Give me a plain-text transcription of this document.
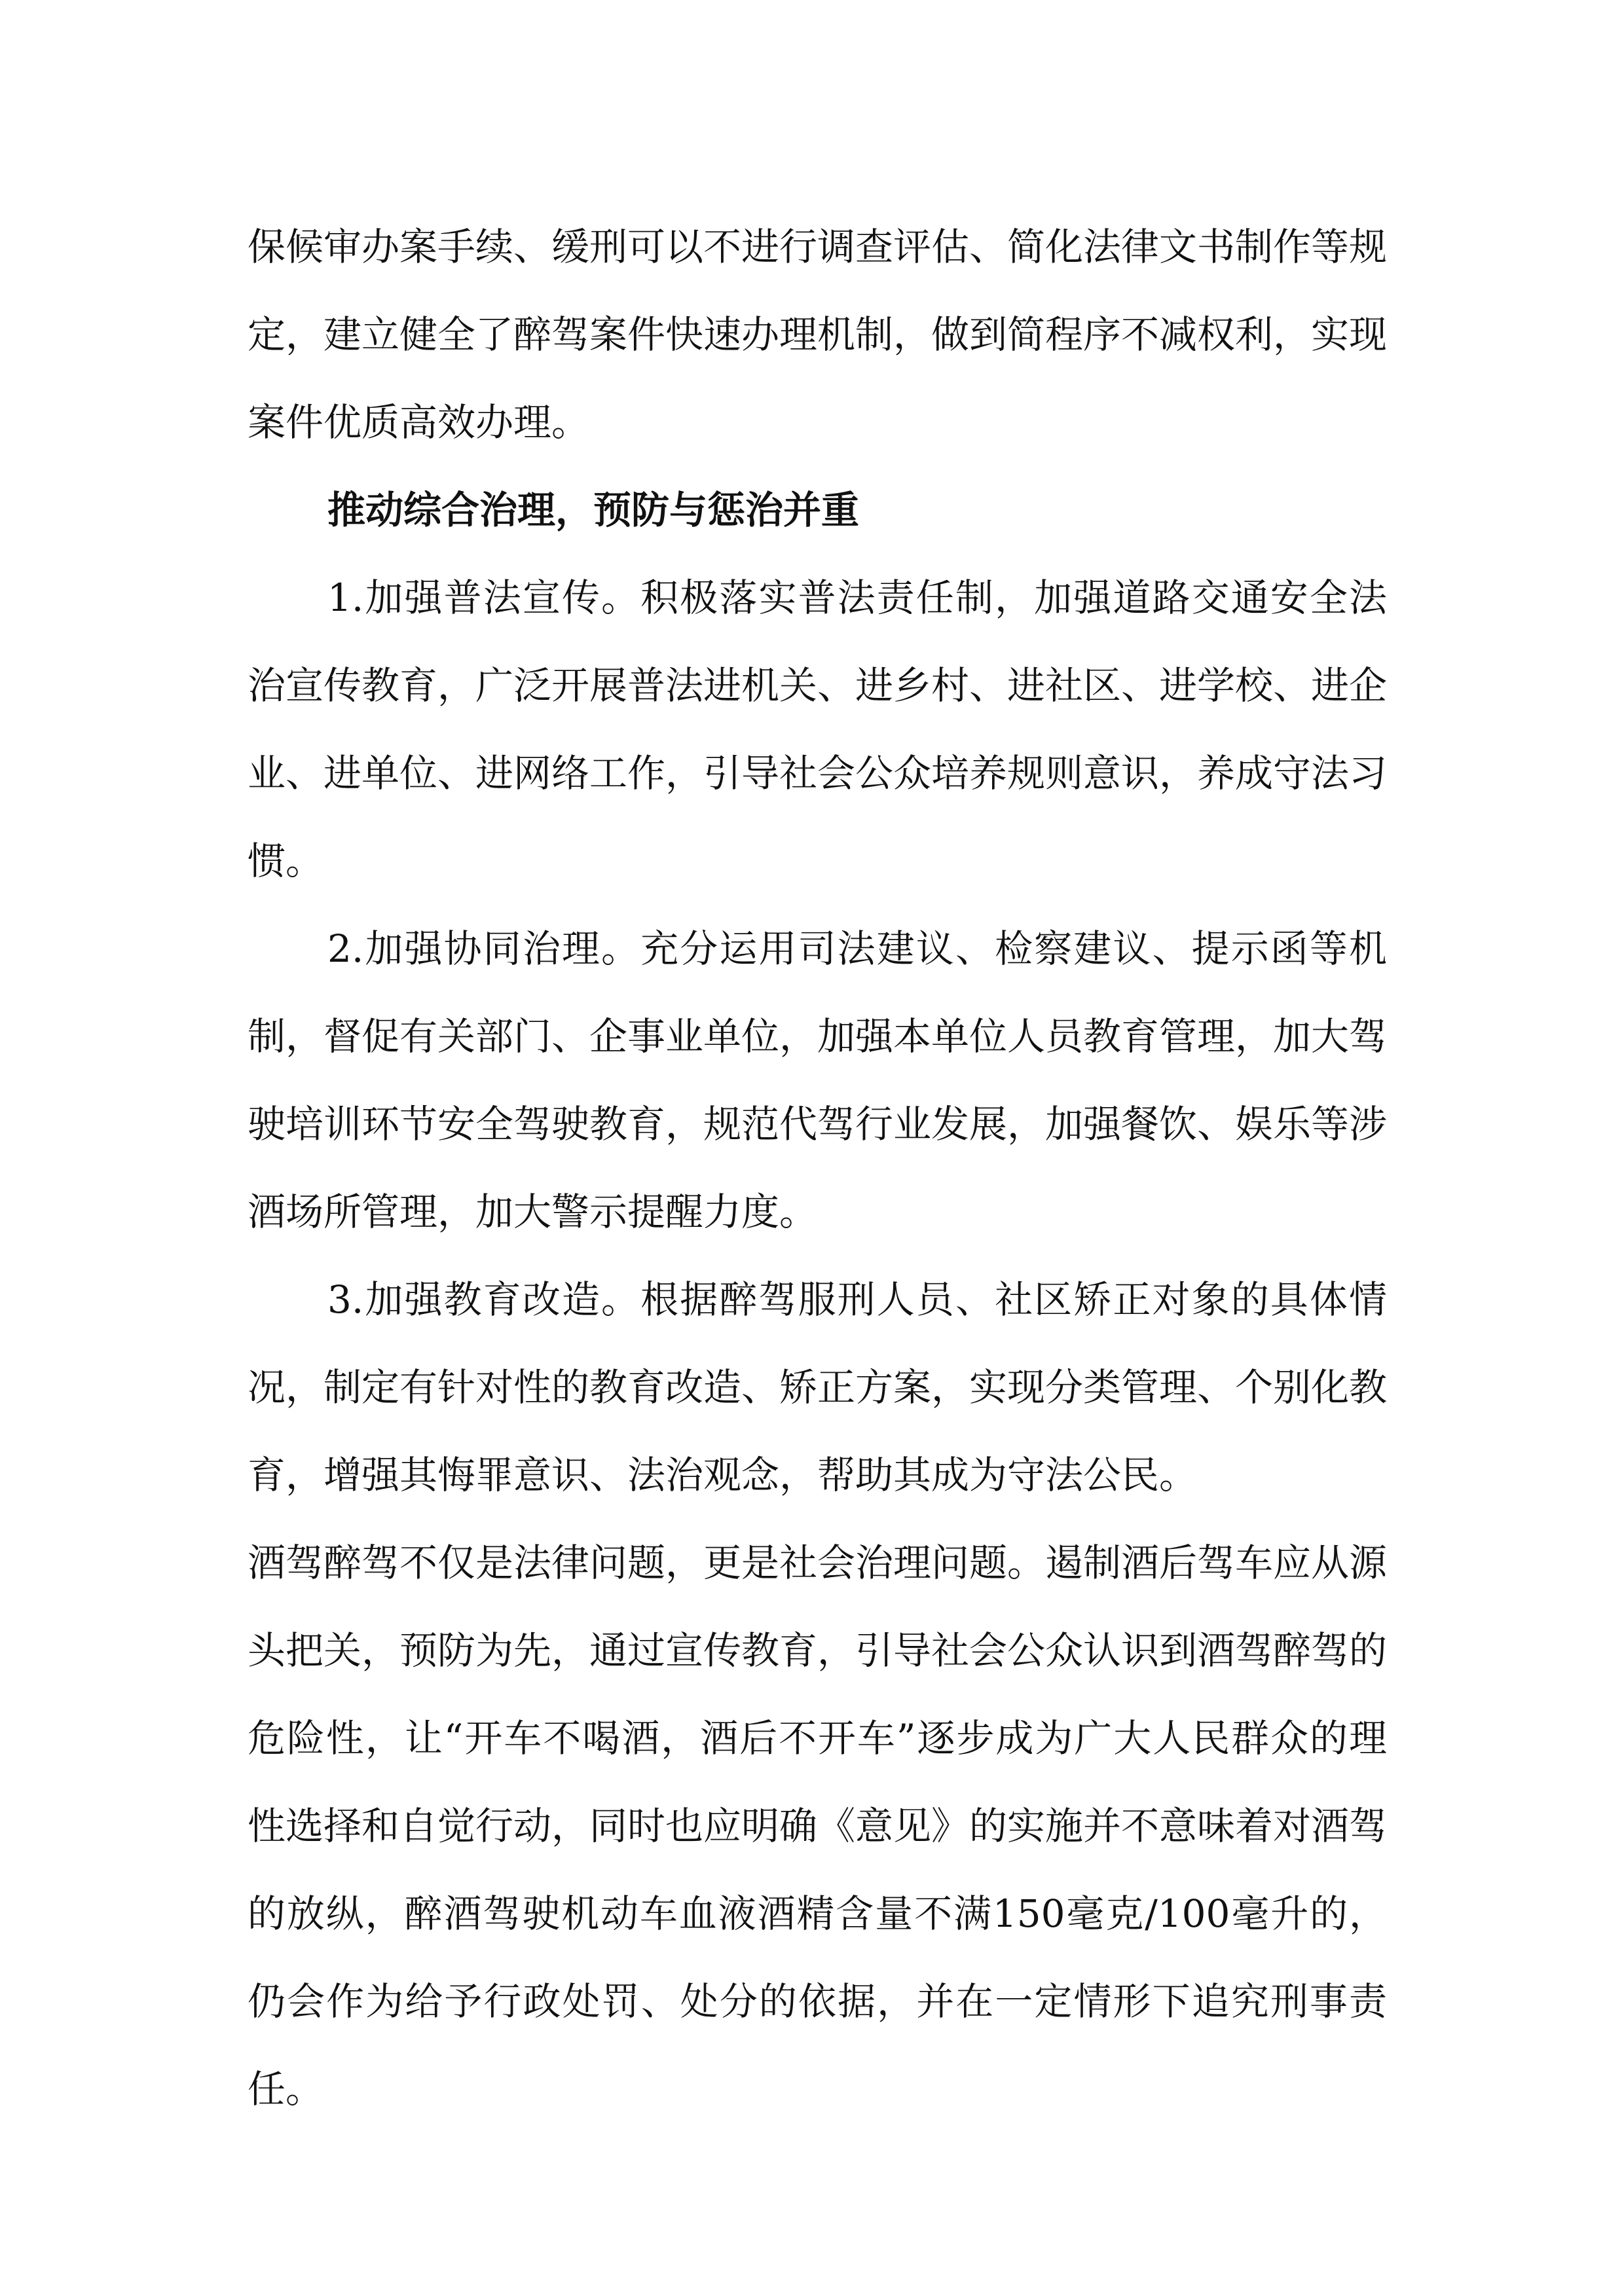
保候审办案手续、缓刑可以不进行调查评估、简化法律文书制作等规定，建立健全了醉驾案件快速办理机制，做到简程序不减权利，实现案件优质高效办理。

推动综合治理，预防与惩治并重

1.加强普法宣传。积极落实普法责任制，加强道路交通安全法治宣传教育，广泛开展普法进机关、进乡村、进社区、进学校、进企业、进单位、进网络工作，引导社会公众培养规则意识，养成守法习惯。

2.加强协同治理。充分运用司法建议、检察建议、提示函等机制，督促有关部门、企事业单位，加强本单位人员教育管理，加大驾驶培训环节安全驾驶教育，规范代驾行业发展，加强餐饮、娱乐等涉酒场所管理，加大警示提醒力度。

3.加强教育改造。根据醉驾服刑人员、社区矫正对象的具体情况，制定有针对性的教育改造、矫正方案，实现分类管理、个别化教育，增强其悔罪意识、法治观念，帮助其成为守法公民。

酒驾醉驾不仅是法律问题，更是社会治理问题。遏制酒后驾车应从源头把关，预防为先，通过宣传教育，引导社会公众认识到酒驾醉驾的危险性，让“开车不喝酒，酒后不开车”逐步成为广大人民群众的理性选择和自觉行动，同时也应明确《意见》的实施并不意味着对酒驾的放纵，醉酒驾驶机动车血液酒精含量不满150毫克/100毫升的，仍会作为给予行政处罚、处分的依据，并在一定情形下追究刑事责任。
